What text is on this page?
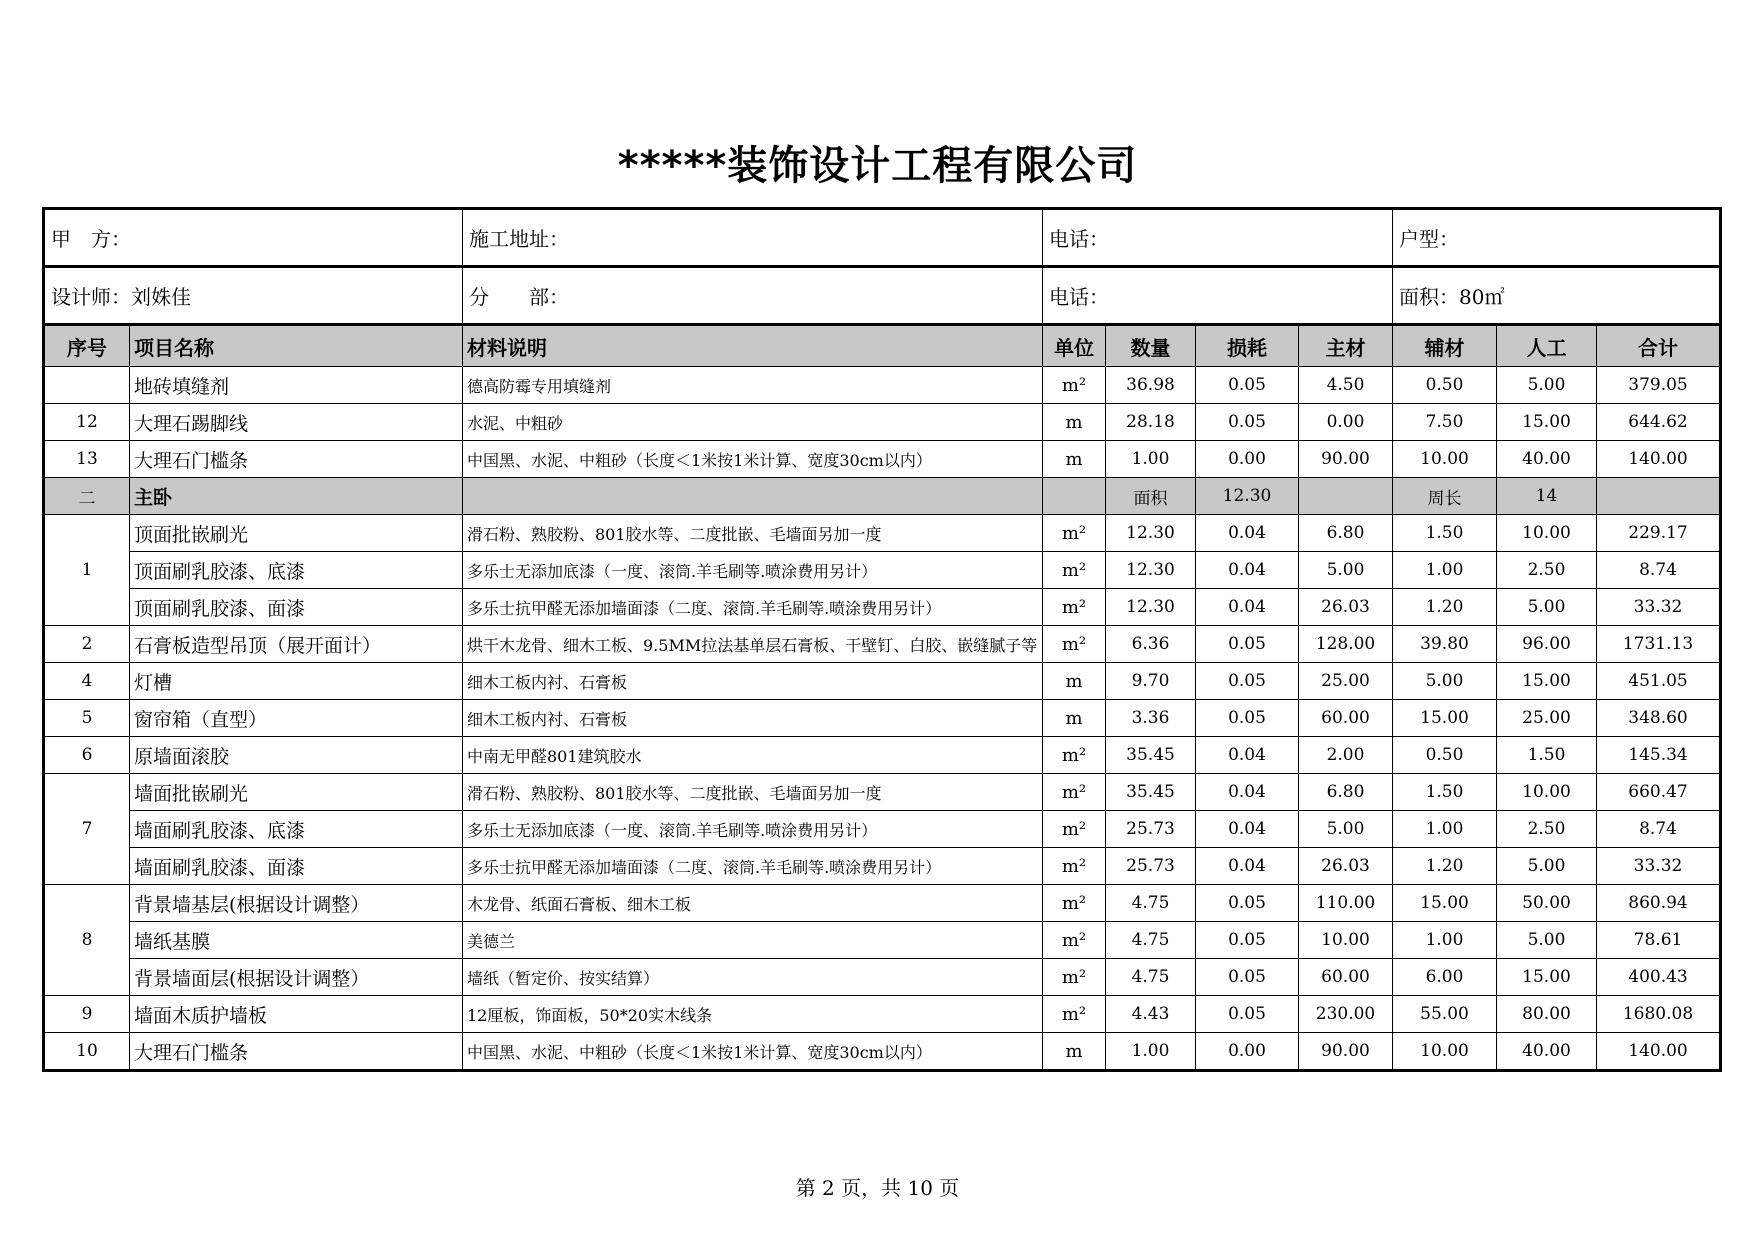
*****装饰设计工程有限公司
甲　方：		施工地址：	电话：				户型：		
设计师：刘姝佳		分　　部：	电话：				面积：80㎡		
序号	项目名称	材料说明	单位	数量	损耗	主材	辅材	人工	合计
	地砖填缝剂	德高防霉专用填缝剂	m²	36.98	0.05	4.50	0.50	5.00	379.05
12	大理石踢脚线	水泥、中粗砂	m	28.18	0.05	0.00	7.50	15.00	644.62
13	大理石门槛条	中国黑、水泥、中粗砂（长度＜1米按1米计算、宽度30cm以内）	m	1.00	0.00	90.00	10.00	40.00	140.00
二	主卧			面积	12.30		周长	14	
1	顶面批嵌刷光	滑石粉、熟胶粉、801胶水等、二度批嵌、毛墙面另加一度	m²	12.30	0.04	6.80	1.50	10.00	229.17
	顶面刷乳胶漆、底漆	多乐士无添加底漆（一度、滚筒.羊毛刷等.喷涂费用另计）	m²	12.30	0.04	5.00	1.00	2.50	8.74
	顶面刷乳胶漆、面漆	多乐士抗甲醛无添加墙面漆（二度、滚筒.羊毛刷等.喷涂费用另计）	m²	12.30	0.04	26.03	1.20	5.00	33.32
2	石膏板造型吊顶（展开面计）	烘干木龙骨、细木工板、9.5MM拉法基单层石膏板、干壁钉、白胶、嵌缝腻子等	m²	6.36	0.05	128.00	39.80	96.00	1731.13
4	灯槽	细木工板内衬、石膏板	m	9.70	0.05	25.00	5.00	15.00	451.05
5	窗帘箱（直型）	细木工板内衬、石膏板	m	3.36	0.05	60.00	15.00	25.00	348.60
6	原墙面滚胶	中南无甲醛801建筑胶水	m²	35.45	0.04	2.00	0.50	1.50	145.34
7	墙面批嵌刷光	滑石粉、熟胶粉、801胶水等、二度批嵌、毛墙面另加一度	m²	35.45	0.04	6.80	1.50	10.00	660.47
	墙面刷乳胶漆、底漆	多乐士无添加底漆（一度、滚筒.羊毛刷等.喷涂费用另计）	m²	25.73	0.04	5.00	1.00	2.50	8.74
	墙面刷乳胶漆、面漆	多乐士抗甲醛无添加墙面漆（二度、滚筒.羊毛刷等.喷涂费用另计）	m²	25.73	0.04	26.03	1.20	5.00	33.32
8	背景墙基层(根据设计调整）	木龙骨、纸面石膏板、细木工板	m²	4.75	0.05	110.00	15.00	50.00	860.94
	墙纸基膜	美德兰	m²	4.75	0.05	10.00	1.00	5.00	78.61
	背景墙面层(根据设计调整）	墙纸（暂定价、按实结算）	m²	4.75	0.05	60.00	6.00	15.00	400.43
9	墙面木质护墙板	12厘板，饰面板，50*20实木线条	m²	4.43	0.05	230.00	55.00	80.00	1680.08
10	大理石门槛条	中国黑、水泥、中粗砂（长度＜1米按1米计算、宽度30cm以内）	m	1.00	0.00	90.00	10.00	40.00	140.00
第 2 页，共 10 页
